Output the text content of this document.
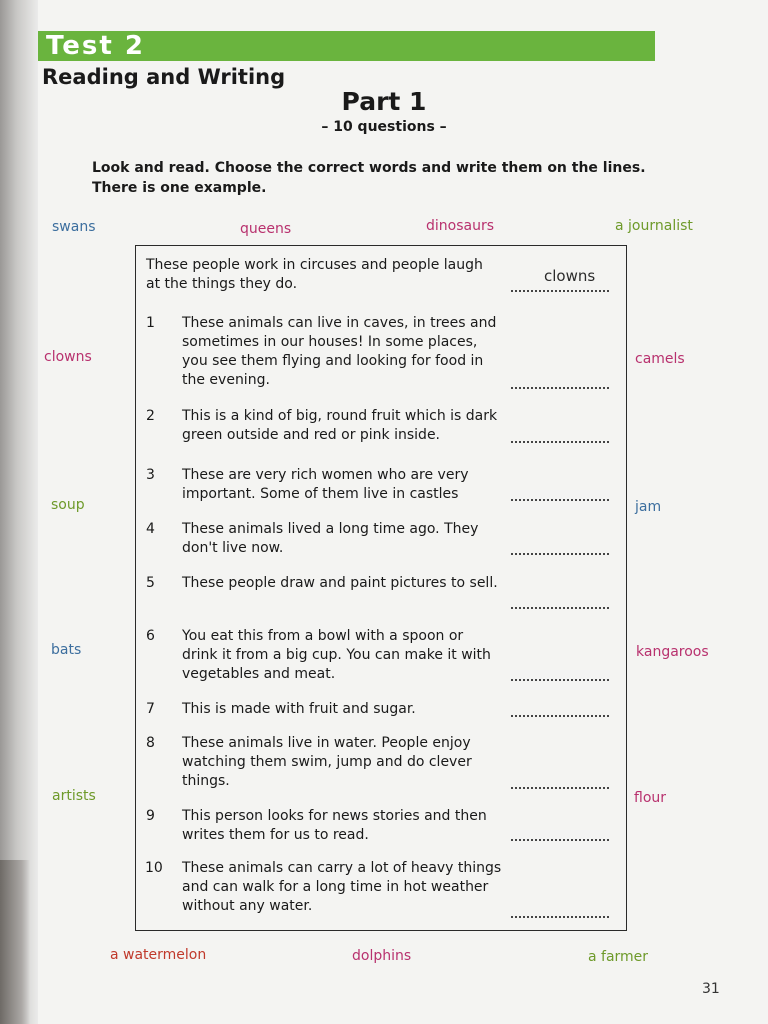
Test 2
Reading and Writing
Part 1
– 10 questions –
Look and read. Choose the correct words and write them on the lines.
There is one example.
swans	queens	dinosaurs	a journalist
clowns	camels
soup	jam
bats	kangaroos
artists	flour
a watermelon	dolphins	a farmer
These people work in circuses and people laugh at the things they do.	clowns
1 These animals can live in caves, in trees and sometimes in our houses! In some places, you see them flying and looking for food in the evening.
2 This is a kind of big, round fruit which is dark green outside and red or pink inside.
3 These are very rich women who are very important. Some of them live in castles
4 These animals lived a long time ago. They don't live now.
5 These people draw and paint pictures to sell.
6 You eat this from a bowl with a spoon or drink it from a big cup. You can make it with vegetables and meat.
7 This is made with fruit and sugar.
8 These animals live in water. People enjoy watching them swim, jump and do clever things.
9 This person looks for news stories and then writes them for us to read.
10 These animals can carry a lot of heavy things and can walk for a long time in hot weather without any water.
31
